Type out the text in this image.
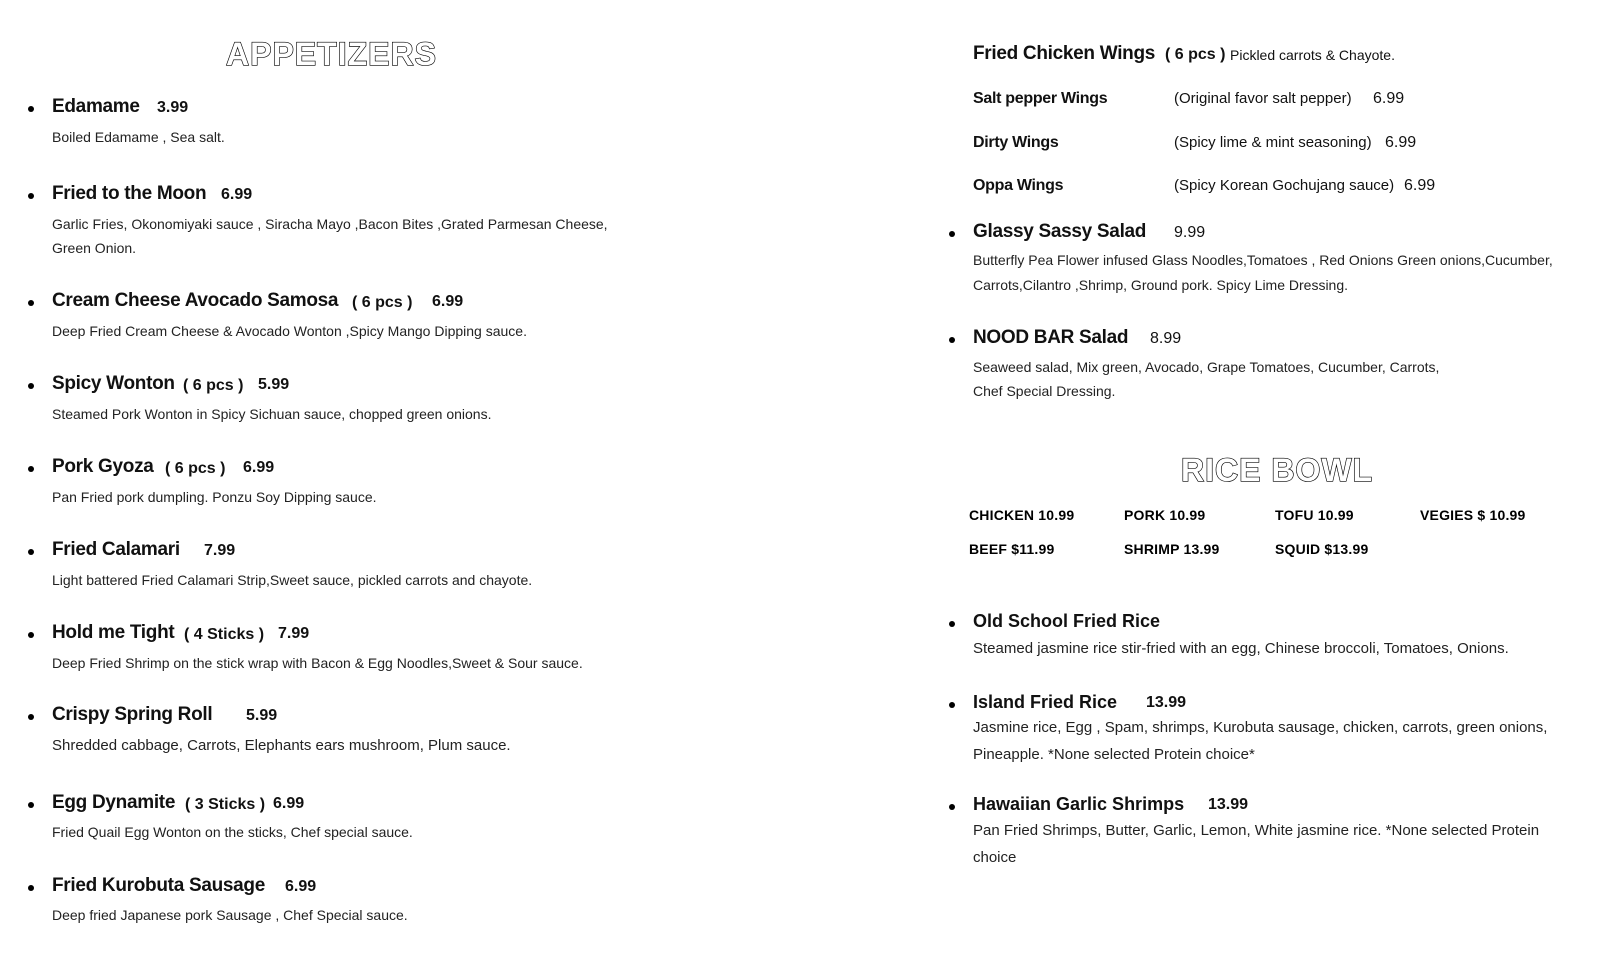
APPETIZERS
Edamame 3.99
Boiled Edamame , Sea salt.
Fried to the Moon 6.99
Garlic Fries, Okonomiyaki sauce , Siracha Mayo ,Bacon Bites ,Grated Parmesan Cheese,
Green Onion.
Cream Cheese Avocado Samosa ( 6 pcs ) 6.99
Deep Fried Cream Cheese & Avocado Wonton ,Spicy Mango Dipping sauce.
Spicy Wonton ( 6 pcs ) 5.99
Steamed Pork Wonton in Spicy Sichuan sauce, chopped green onions.
Pork Gyoza ( 6 pcs ) 6.99
Pan Fried pork dumpling. Ponzu Soy Dipping sauce.
Fried Calamari 7.99
Light battered Fried Calamari Strip,Sweet sauce, pickled carrots and chayote.
Hold me Tight ( 4 Sticks ) 7.99
Deep Fried Shrimp on the stick wrap with Bacon & Egg Noodles,Sweet & Sour sauce.
Crispy Spring Roll 5.99
Shredded cabbage, Carrots, Elephants ears mushroom, Plum sauce.
Egg Dynamite ( 3 Sticks ) 6.99
Fried Quail Egg Wonton on the sticks, Chef special sauce.
Fried Kurobuta Sausage 6.99
Deep fried Japanese pork Sausage , Chef Special sauce.
Fried Chicken Wings ( 6 pcs ) Pickled carrots & Chayote.
Salt pepper Wings	(Original favor salt pepper) 6.99
Dirty Wings	(Spicy lime & mint seasoning) 6.99
Oppa Wings	(Spicy Korean Gochujang sauce) 6.99
Glassy Sassy Salad 9.99
Butterfly Pea Flower infused Glass Noodles,Tomatoes , Red Onions Green onions,Cucumber,
Carrots,Cilantro ,Shrimp, Ground pork. Spicy Lime Dressing.
NOOD BAR Salad 8.99
Seaweed salad, Mix green, Avocado, Grape Tomatoes, Cucumber, Carrots,
Chef Special Dressing.
RICE BOWL
CHICKEN 10.99	PORK 10.99	TOFU 10.99	VEGIES $ 10.99
BEEF $11.99	SHRIMP 13.99	SQUID $13.99
Old School Fried Rice
Steamed jasmine rice stir-fried with an egg, Chinese broccoli, Tomatoes, Onions.
Island Fried Rice 13.99
Jasmine rice, Egg , Spam, shrimps, Kurobuta sausage, chicken, carrots, green onions,
Pineapple. *None selected Protein choice*
Hawaiian Garlic Shrimps 13.99
Pan Fried Shrimps, Butter, Garlic, Lemon, White jasmine rice. *None selected Protein
choice
